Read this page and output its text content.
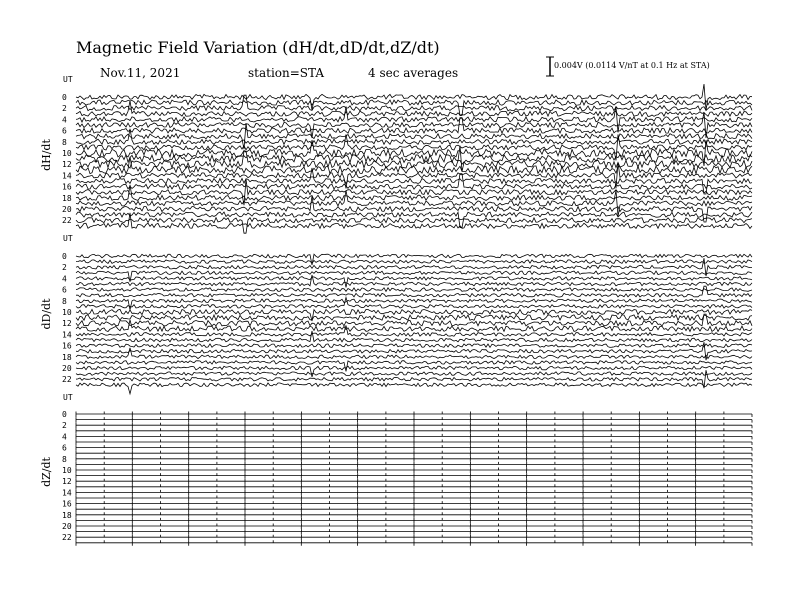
Magnetic Field Variation (dH/dt,dD/dt,dZ/dt)
Nov.11, 2021	station=STA	4 sec averages
0.004V (0.0114 V/nT at 0.1 Hz at STA)
UT
dH/dt
0
2
4
6
8
10
12
14
16
18
20
22
UT
dD/dt
0
2
4
6
8
10
12
14
16
18
20
22
UT
dZ/dt
0
2
4
6
8
10
12
14
16
18
20
22
